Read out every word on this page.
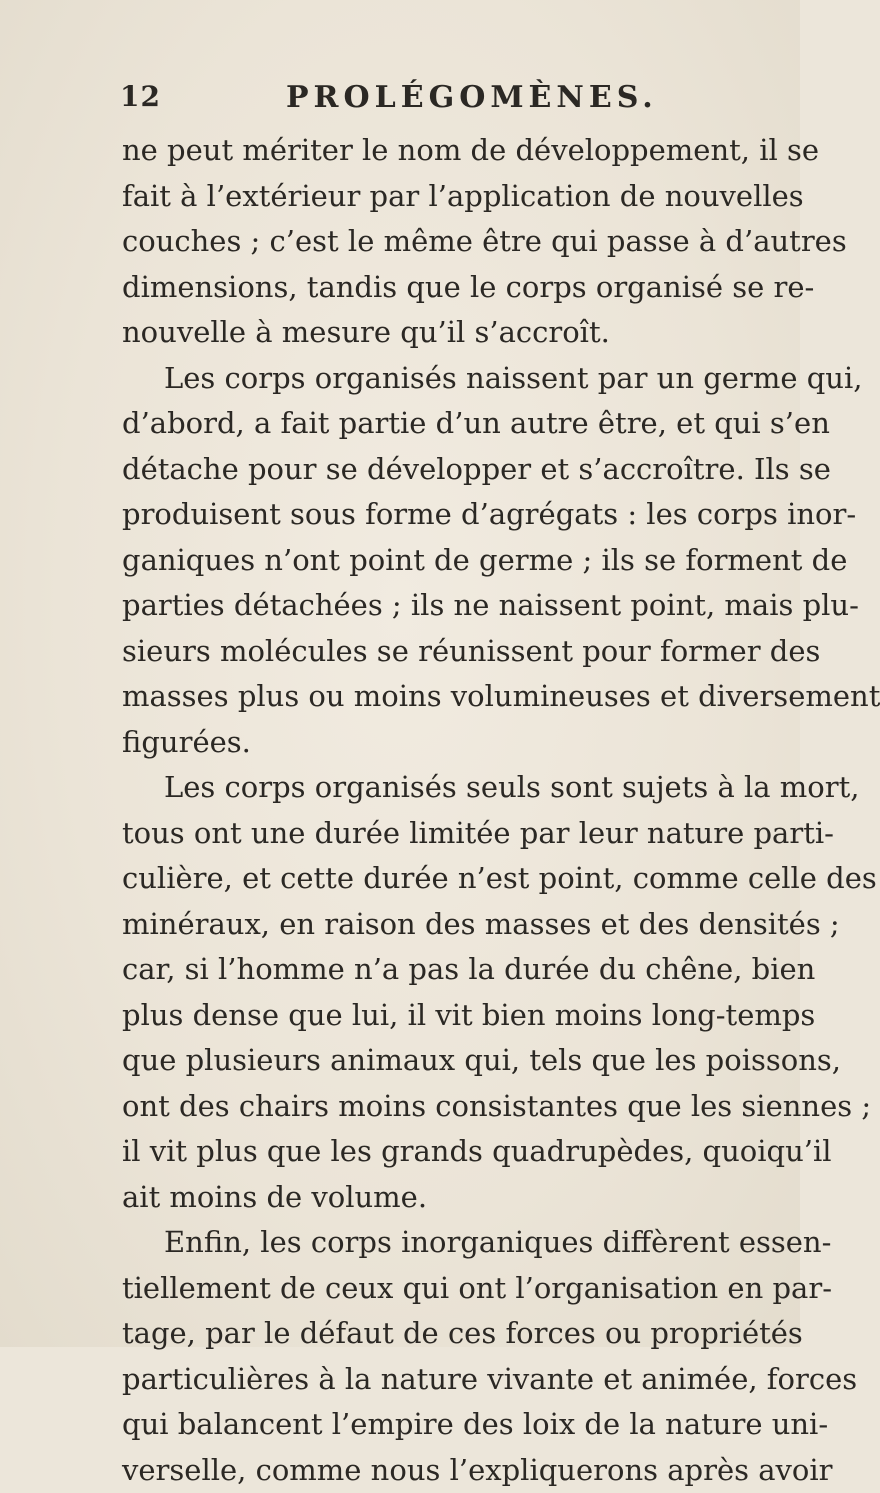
12	PROLÉGOMÈNES.
ne peut mériter le nom de développement, il se
fait à l’extérieur par l’application de nouvelles
couches ; c’est le même être qui passe à d’autres
dimensions, tandis que le corps organisé se re-
nouvelle à mesure qu’il s’accroît.
Les corps organisés naissent par un germe qui,
d’abord, a fait partie d’un autre être, et qui s’en
détache pour se développer et s’accroître. Ils se
produisent sous forme d’agrégats : les corps inor-
ganiques n’ont point de germe ; ils se forment de
parties détachées ; ils ne naissent point, mais plu-
sieurs molécules se réunissent pour former des
masses plus ou moins volumineuses et diversement
figurées.
Les corps organisés seuls sont sujets à la mort,
tous ont une durée limitée par leur nature parti-
culière, et cette durée n’est point, comme celle des
minéraux, en raison des masses et des densités ;
car, si l’homme n’a pas la durée du chêne, bien
plus dense que lui, il vit bien moins long-temps
que plusieurs animaux qui, tels que les poissons,
ont des chairs moins consistantes que les siennes ;
il vit plus que les grands quadrupèdes, quoiqu’il
ait moins de volume.
Enfin, les corps inorganiques diffèrent essen-
tiellement de ceux qui ont l’organisation en par-
tage, par le défaut de ces forces ou propriétés
particulières à la nature vivante et animée, forces
qui balancent l’empire des loix de la nature uni-
verselle, comme nous l’expliquerons après avoir
